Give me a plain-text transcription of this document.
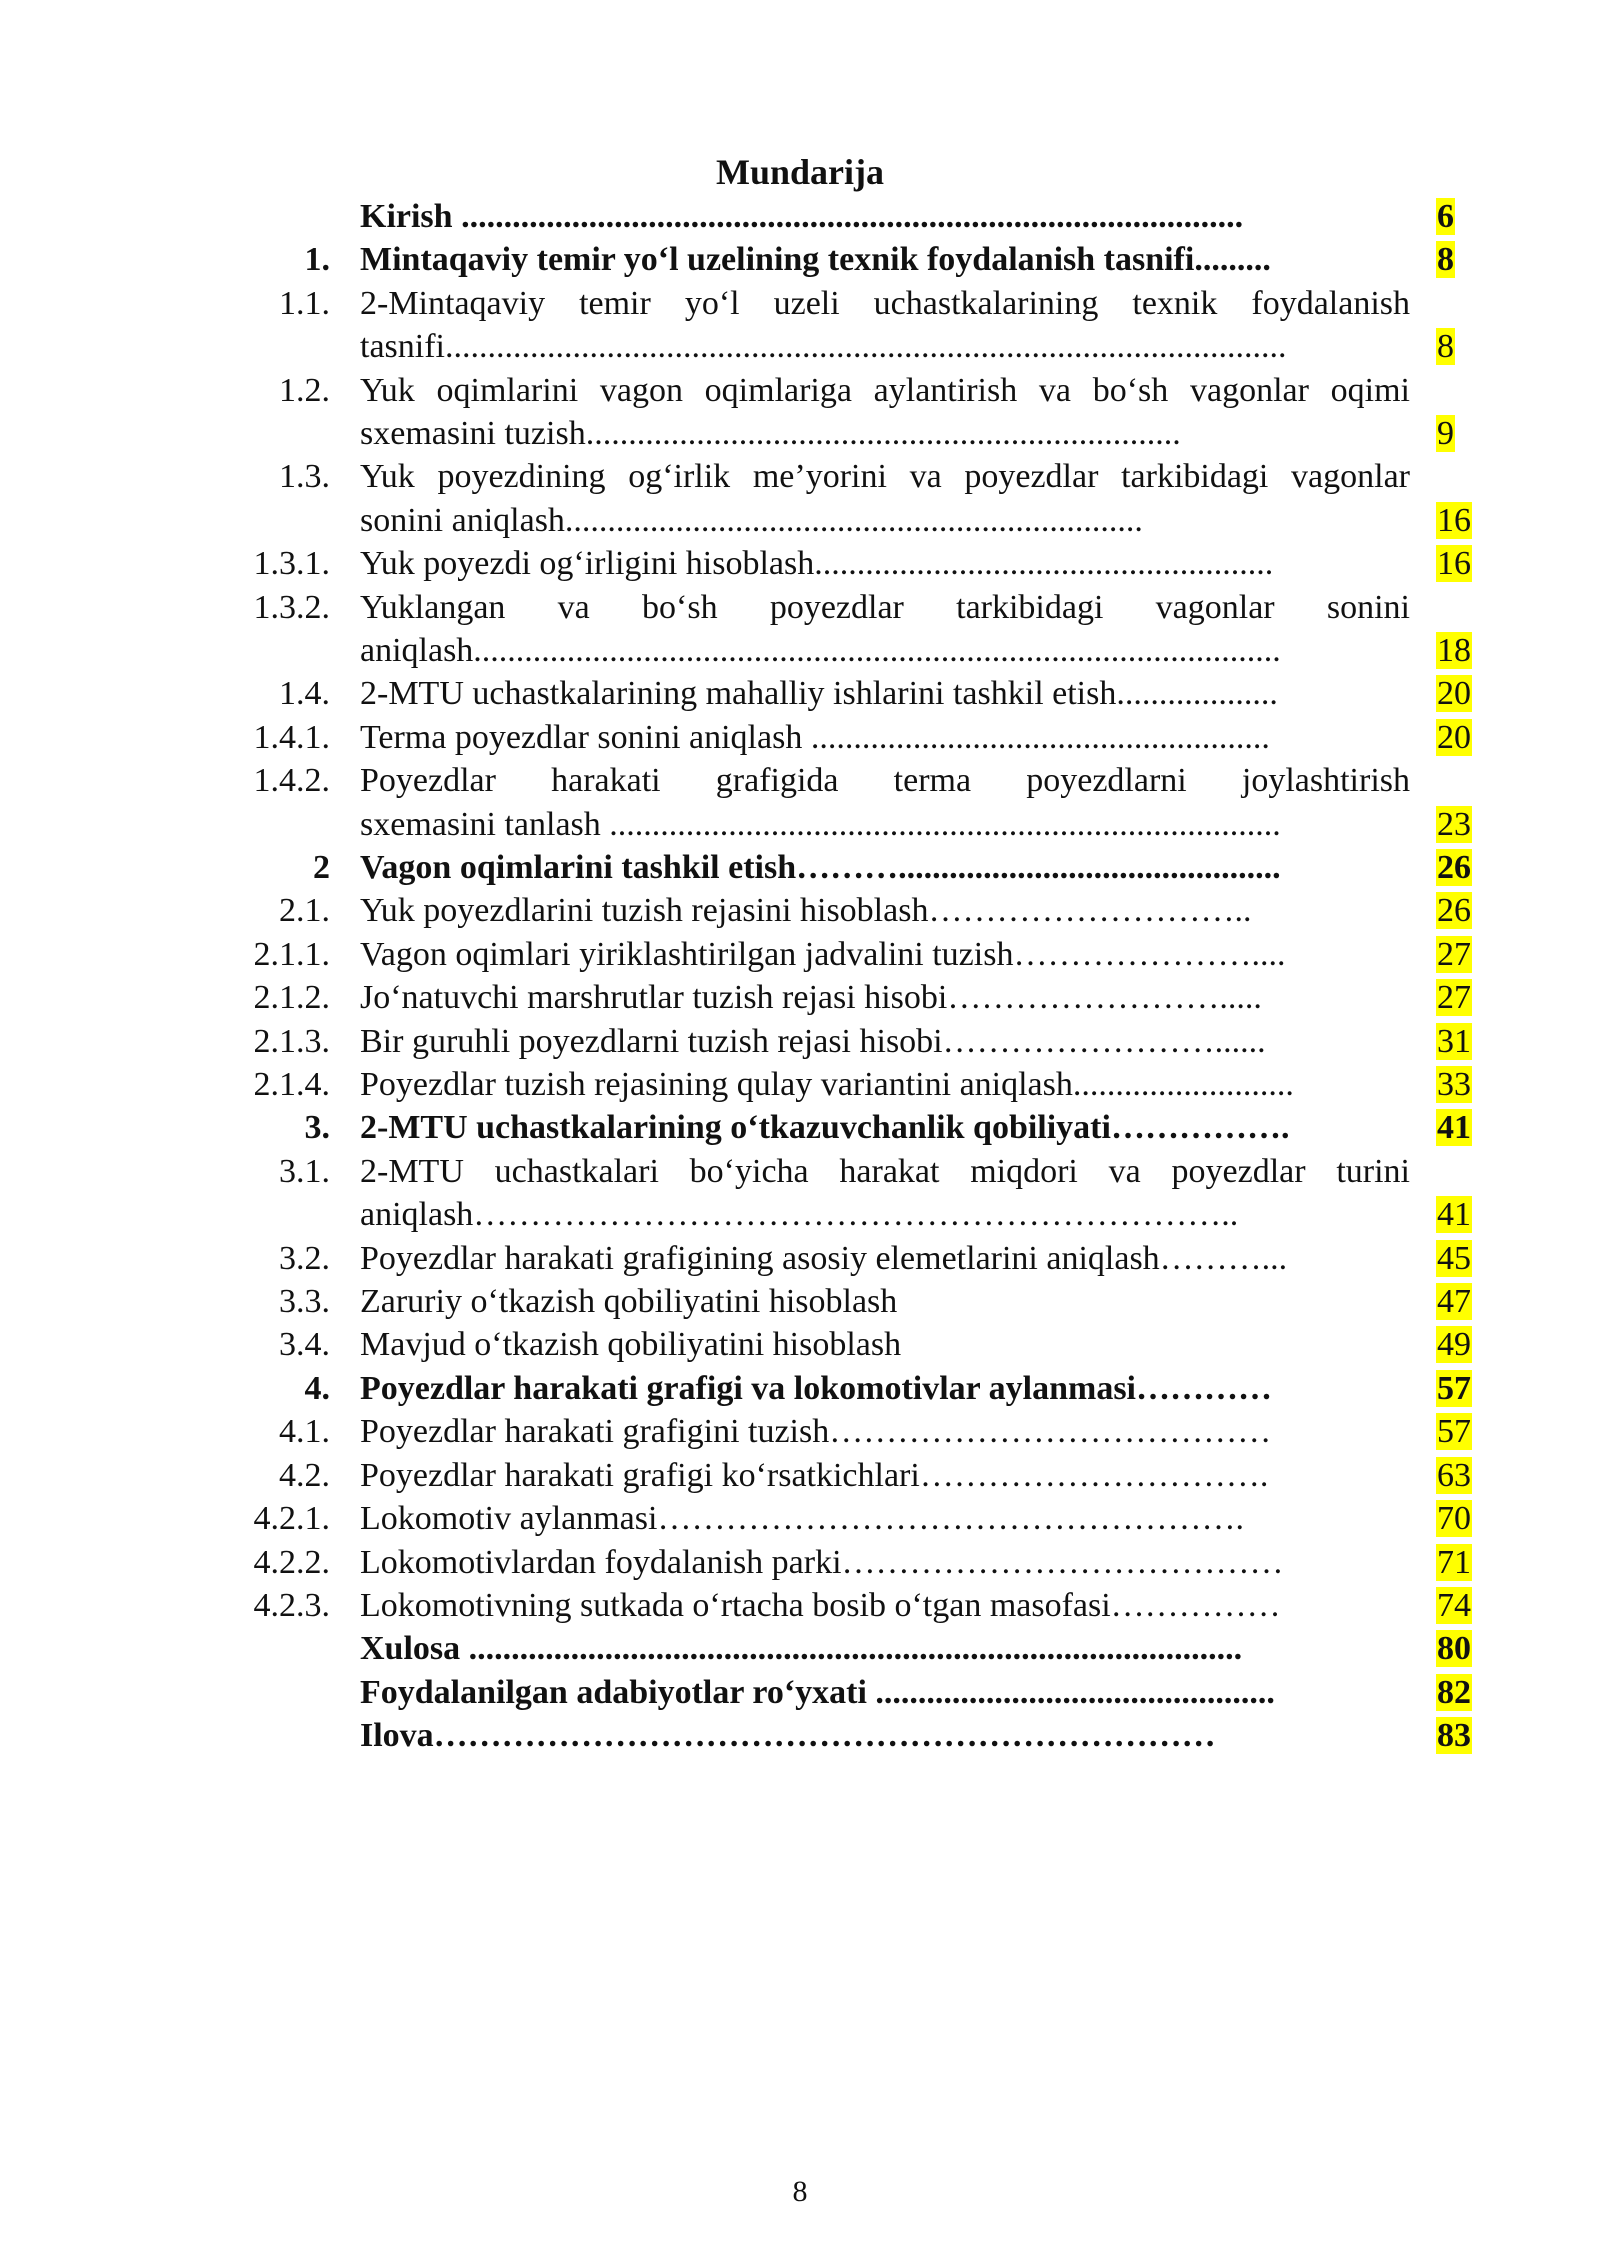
Mundarija
Kirish ............................................................................................	6
1. Mintaqaviy temir yo‘l uzelining texnik foydalanish tasnifi.........	8
1.1. 2-Mintaqaviy temir yo‘l uzeli uchastkalarining texnik foydalanish
tasnifi...................................................................................................	8
1.2. Yuk oqimlarini vagon oqimlariga aylantirish va bo‘sh vagonlar oqimi
sxemasini tuzish......................................................................	9
1.3. Yuk poyezdining og‘irlik me’yorini va poyezdlar tarkibidagi vagonlar
sonini aniqlash....................................................................	16
1.3.1. Yuk poyezdi og‘irligini hisoblash......................................................	16
1.3.2. Yuklangan va bo‘sh poyezdlar tarkibidagi vagonlar sonini
aniqlash...............................................................................................	18
1.4. 2-MTU uchastkalarining mahalliy ishlarini tashkil etish...................	20
1.4.1. Terma poyezdlar sonini aniqlash ......................................................	20
1.4.2. Poyezdlar harakati grafigida terma poyezdlarni joylashtirish
sxemasini tanlash ...............................................................................	23
2 Vagon oqimlarini tashkil etish……….............................................	26
2.1. Yuk poyezdlarini tuzish rejasini hisoblash………………………..	26
2.1.1. Vagon oqimlari yiriklashtirilgan jadvalini tuzish…………………....	27
2.1.2. Jo‘natuvchi marshrutlar tuzish rejasi hisobi…………………….....	27
2.1.3. Bir guruhli poyezdlarni tuzish rejasi hisobi……………………......	31
2.1.4. Poyezdlar tuzish rejasining qulay variantini aniqlash..........................	33
3. 2-MTU uchastkalarining o‘tkazuvchanlik qobiliyati…………….	41
3.1. 2-MTU uchastkalari bo‘yicha harakat miqdori va poyezdlar turini
aniqlash…………………………………………………………..	41
3.2. Poyezdlar harakati grafigining asosiy elemetlarini aniqlash………...	45
3.3. Zaruriy o‘tkazish qobiliyatini hisoblash	47
3.4. Mavjud o‘tkazish qobiliyatini hisoblash	49
4. Poyezdlar harakati grafigi va lokomotivlar aylanmasi…………	57
4.1. Poyezdlar harakati grafigini tuzish…………………………………	57
4.2. Poyezdlar harakati grafigi ko‘rsatkichlari………………………….	63
4.2.1. Lokomotiv aylanmasi…………………………………………….	70
4.2.2. Lokomotivlardan foydalanish parki…………………………………	71
4.2.3. Lokomotivning sutkada o‘rtacha bosib o‘tgan masofasi……………	74
Xulosa ...........................................................................................	80
Foydalanilgan adabiyotlar ro‘yxati ...............................................	82
Ilova……………………………………………………………	83
8
